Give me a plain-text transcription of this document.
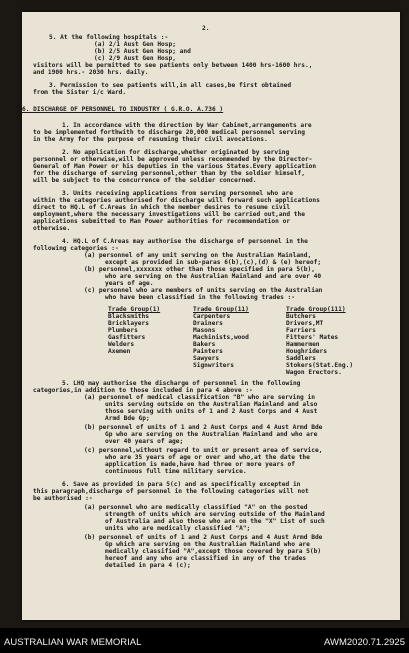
2.
5. At the following hospitals :-
(a) 2/1 Aust Gen Hosp;
(b) 2/5 Aust Gen Hosp; and
(c) 2/9 Aust Gen Hosp,
visitors will be permitted to see patients only between 1400 hrs-1600 hrs.,
and 1900 hrs.- 2030 hrs. daily.
3. Permission to see patients will,in all cases,be first obtained
from the Sister i/c Ward.
6. DISCHARGE OF PERSONNEL TO INDUSTRY ( G.R.O. A.736 )
1. In accordance with the direction by War Cabinet,arrangements are
to be implemented forthwith to discharge 20,000 medical personnel serving
in the Army for the purpose of resuming their civil avocations.
2. No application for discharge,whether originated by serving
personnel or otherwise,will be approved unless recommended by the Director-
General of Man Power or his deputies in the various States.Every application
for the discharge of serving personnel,other than by the soldier himself,
will be subject to the concurrence of the soldier concerned.
3. Units receiving applications from serving personnel who are
within the categories authorised for discharge will forward such applications
direct to HQ.L of C.Areas in which the member desires to resume civil
employment,where the necessary investigations will be carried out,and the
applications submitted to Man Power authorities for recommendation or
otherwise.
4. HQ.L of C.Areas may authorise the discharge of personnel in the
following categories :-
(a) personnel of any unit serving on the Australian Mainland,
except as provided in sub-paras 6(b),(c),(d) & (e) hereof;
(b) personnel,xxxxxxx other than those specified in para 5(b),
who are serving on the Australian Mainland and are over 40
years of age.
(c) personnel who are members of units serving on the Australian
who have been classified in the following trades :-
Trade Group(1)
Blacksmiths
Bricklayers
Plumbers
Gasfitters
Welders
Axemen
Trade Group(11)
Carpenters
Drainers
Masons
Machinists,wood
Bakers
Painters
Sawyers
Signwriters
Trade Group(111)
Butchers
Drivers,MT
Farriers
Fitters' Mates
Hammermen
Houghriders
Saddlers
Stokers(Stat.Eng.)
Wagon Erectors.
5. LHQ may authorise the discharge of personnel in the following
categories,in addition to those included in para 4 above :-
(a) personnel of medical classification "B" who are serving in
units serving outside on the Australian Mainland and also
those serving with units of 1 and 2 Aust Corps and 4 Aust
Armd Bde Gp;
(b) personnel of units of 1 and 2 Aust Corps and 4 Aust Armd Bde
Gp who are serving on the Australian Mainland and who are
over 40 years of age;
(c) personnel,without regard to unit or present area of service,
who are 35 years of age or over and who,at the date the
application is made,have had three or more years of
continuous full time military service.
6. Save as provided in para 5(c) and as specifically excepted in
this paragraph,discharge of personnel in the following categories will not
be authorised :-
(a) personnel who are medically classified "A" on the posted
strength of units which are serving outside of the Mainland
of Australia and also those who are on the "X" List of such
units who are medically classified "A";
(b) personnel of units of 1 and 2 Aust Corps and 4 Aust Armd Bde
Gp which are serving on the Australian Mainland who are
medically classified "A",except those covered by para 5(b)
hereof and any who are classified in any of the trades
detailed in para 4 (c);
AUSTRALIAN WAR MEMORIAL	AWM2020.71.2925
